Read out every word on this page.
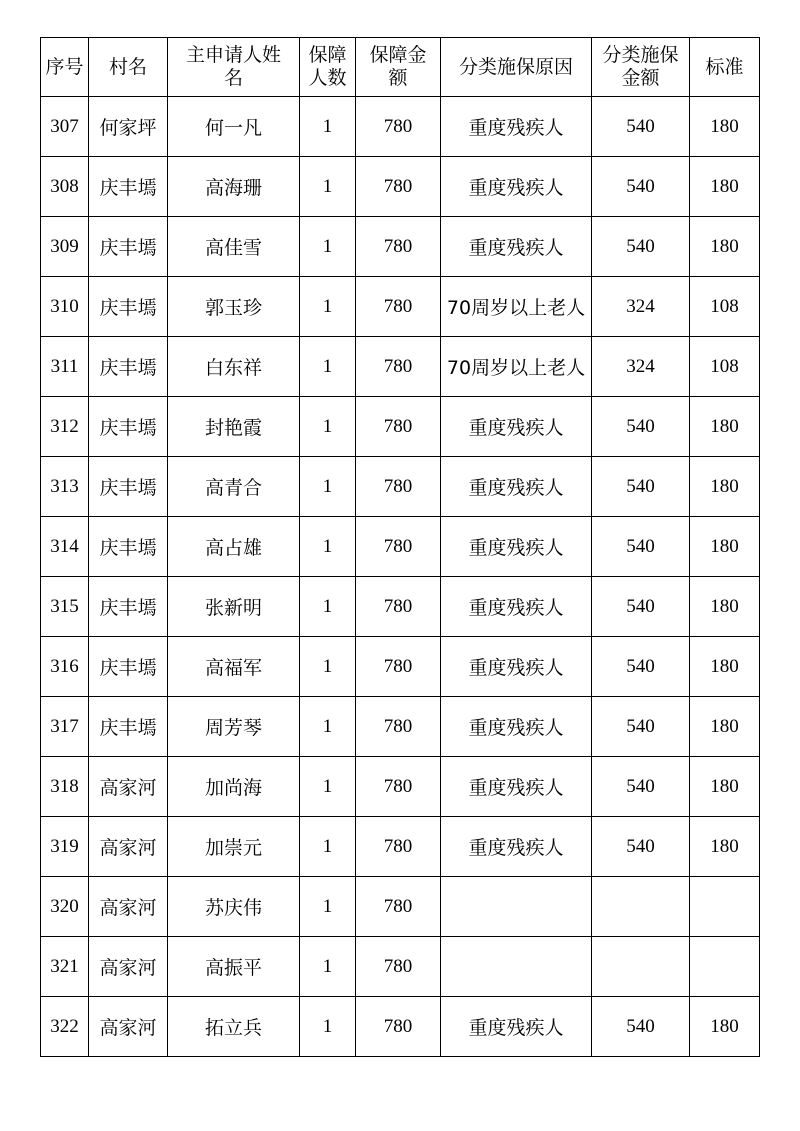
序号	村名	主申请人姓名	保障人数	保障金额	分类施保原因	分类施保金额	标准
307	何家坪	何一凡	1	780	重度残疾人	540	180
308	庆丰墕	高海珊	1	780	重度残疾人	540	180
309	庆丰墕	高佳雪	1	780	重度残疾人	540	180
310	庆丰墕	郭玉珍	1	780	70周岁以上老人	324	108
311	庆丰墕	白东祥	1	780	70周岁以上老人	324	108
312	庆丰墕	封艳霞	1	780	重度残疾人	540	180
313	庆丰墕	高青合	1	780	重度残疾人	540	180
314	庆丰墕	高占雄	1	780	重度残疾人	540	180
315	庆丰墕	张新明	1	780	重度残疾人	540	180
316	庆丰墕	高福军	1	780	重度残疾人	540	180
317	庆丰墕	周芳琴	1	780	重度残疾人	540	180
318	高家河	加尚海	1	780	重度残疾人	540	180
319	高家河	加崇元	1	780	重度残疾人	540	180
320	高家河	苏庆伟	1	780			
321	高家河	高振平	1	780			
322	高家河	拓立兵	1	780	重度残疾人	540	180
